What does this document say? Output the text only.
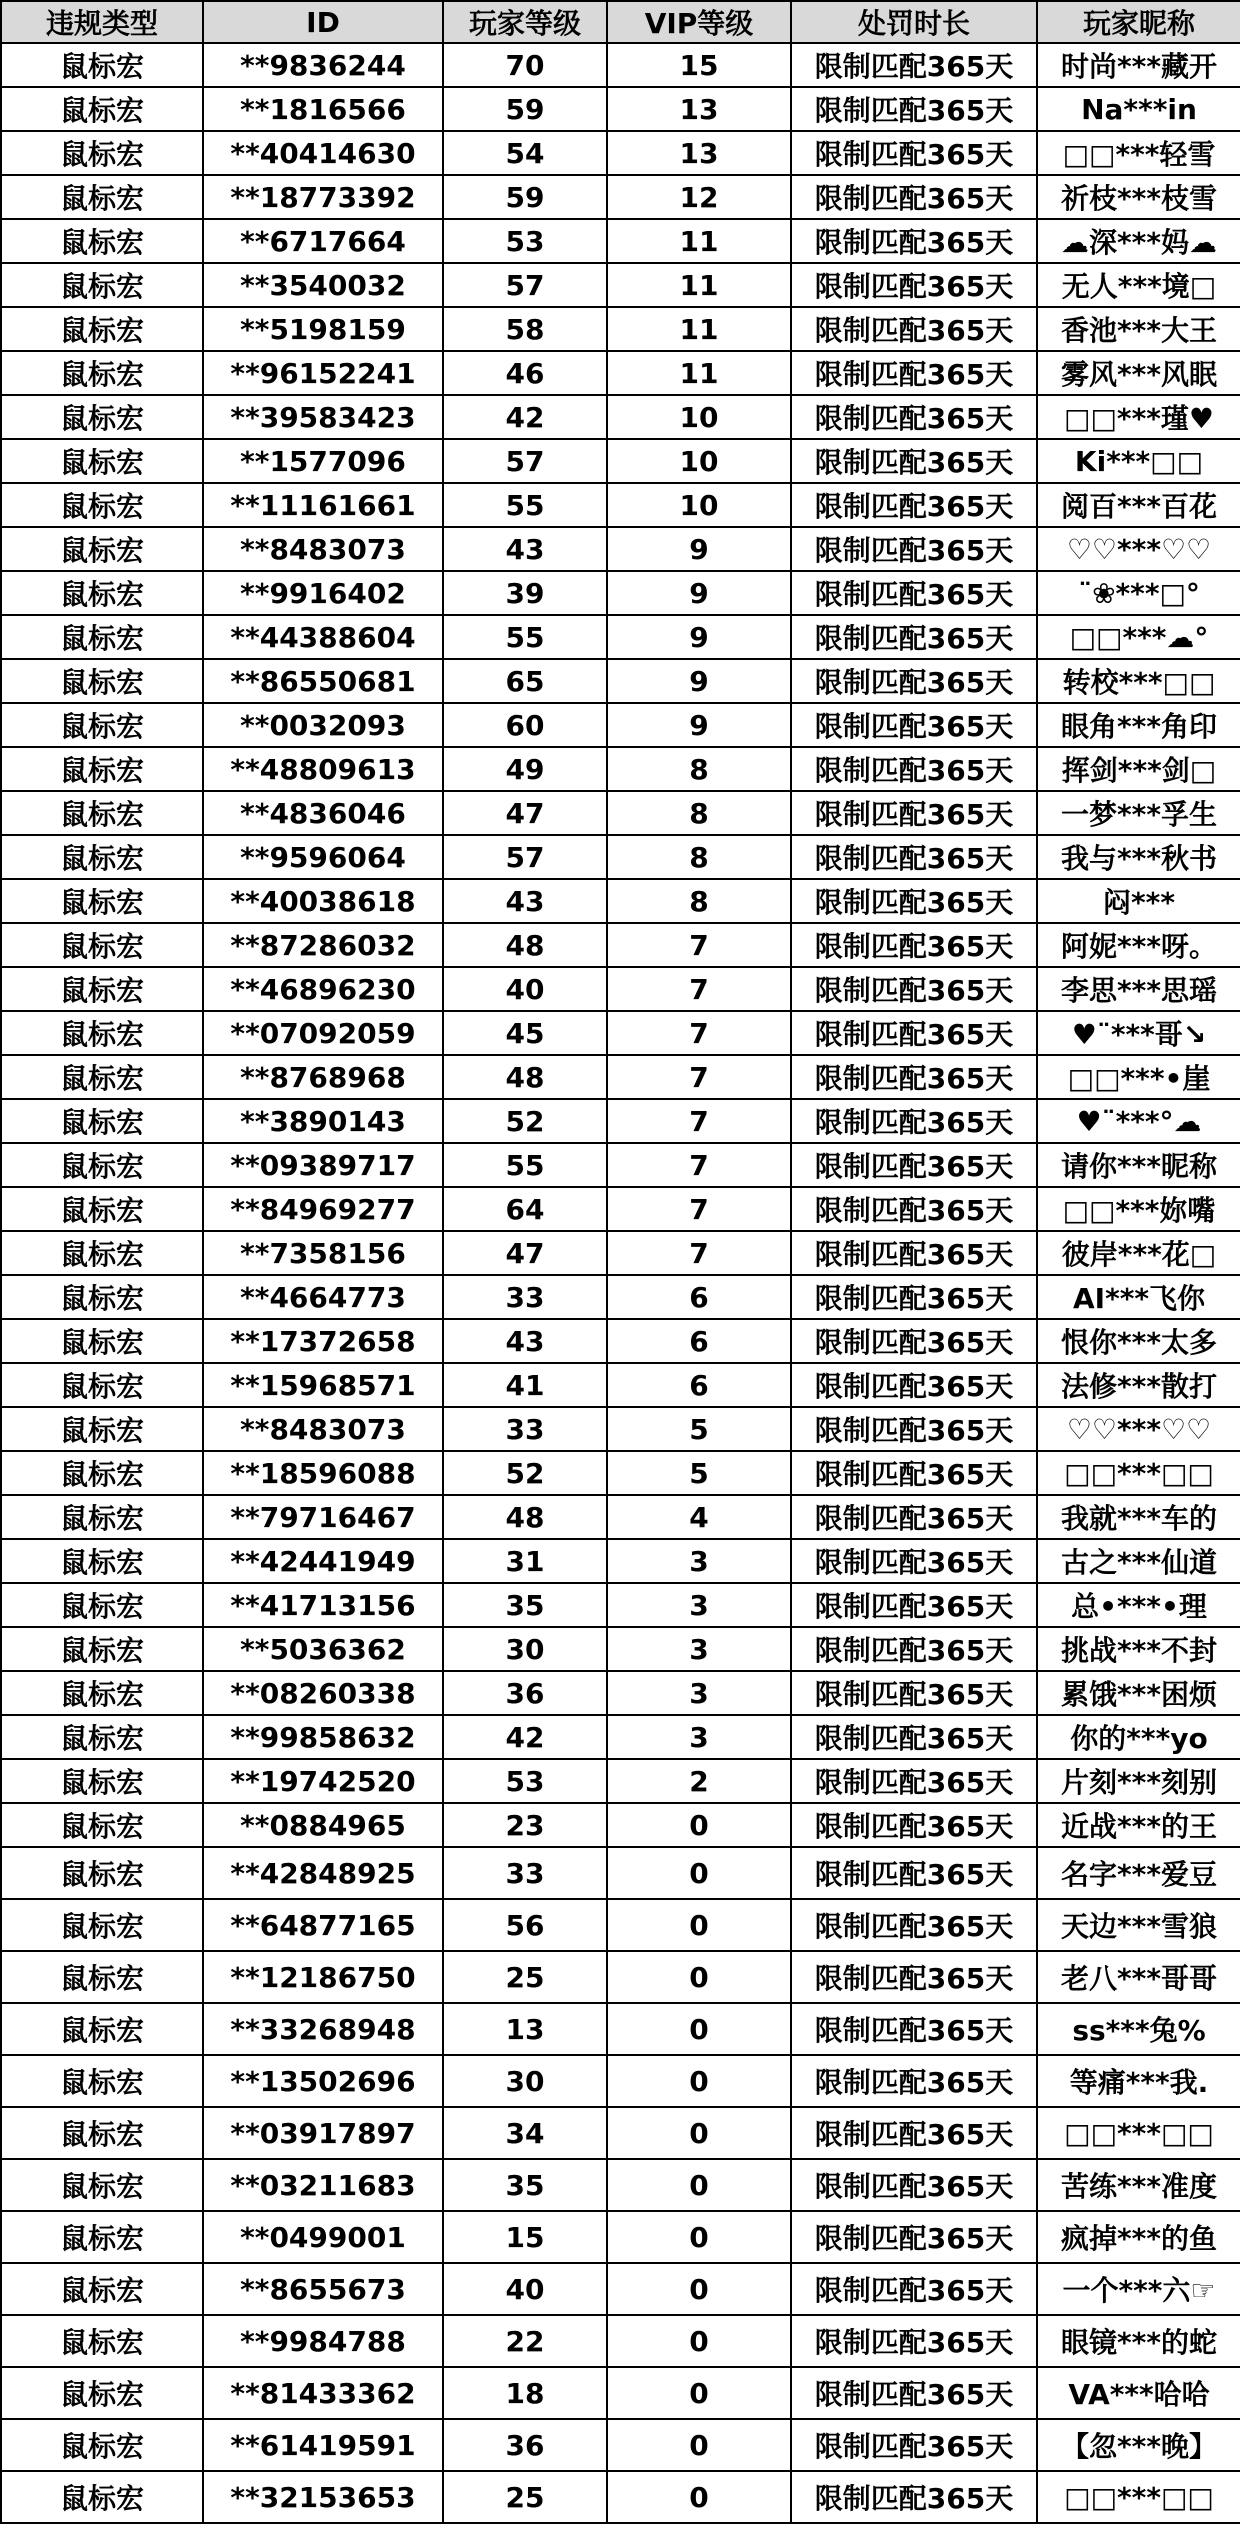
违规类型	ID	玩家等级	VIP等级	处罚时长	玩家昵称
鼠标宏	**9836244	70	15	限制匹配365天	时尚***藏开
鼠标宏	**1816566	59	13	限制匹配365天	Na***in
鼠标宏	**40414630	54	13	限制匹配365天	□□***轻雪
鼠标宏	**18773392	59	12	限制匹配365天	祈枝***枝雪
鼠标宏	**6717664	53	11	限制匹配365天	☁深***妈☁
鼠标宏	**3540032	57	11	限制匹配365天	无人***境□
鼠标宏	**5198159	58	11	限制匹配365天	香池***大王
鼠标宏	**96152241	46	11	限制匹配365天	雾风***风眠
鼠标宏	**39583423	42	10	限制匹配365天	□□***瑾♥
鼠标宏	**1577096	57	10	限制匹配365天	Ki***□□
鼠标宏	**11161661	55	10	限制匹配365天	阅百***百花
鼠标宏	**8483073	43	9	限制匹配365天	♡♡***♡♡
鼠标宏	**9916402	39	9	限制匹配365天	¨❀***□°
鼠标宏	**44388604	55	9	限制匹配365天	□□***☁°
鼠标宏	**86550681	65	9	限制匹配365天	转校***□□
鼠标宏	**0032093	60	9	限制匹配365天	眼角***角印
鼠标宏	**48809613	49	8	限制匹配365天	挥剑***剑□
鼠标宏	**4836046	47	8	限制匹配365天	一梦***孚生
鼠标宏	**9596064	57	8	限制匹配365天	我与***秋书
鼠标宏	**40038618	43	8	限制匹配365天	闷***
鼠标宏	**87286032	48	7	限制匹配365天	阿妮***呀。
鼠标宏	**46896230	40	7	限制匹配365天	李思***思瑶
鼠标宏	**07092059	45	7	限制匹配365天	♥¨***哥↘
鼠标宏	**8768968	48	7	限制匹配365天	□□***•崖
鼠标宏	**3890143	52	7	限制匹配365天	♥¨***°☁
鼠标宏	**09389717	55	7	限制匹配365天	请你***昵称
鼠标宏	**84969277	64	7	限制匹配365天	□□***妳嘴
鼠标宏	**7358156	47	7	限制匹配365天	彼岸***花□
鼠标宏	**4664773	33	6	限制匹配365天	AI***飞你
鼠标宏	**17372658	43	6	限制匹配365天	恨你***太多
鼠标宏	**15968571	41	6	限制匹配365天	法修***散打
鼠标宏	**8483073	33	5	限制匹配365天	♡♡***♡♡
鼠标宏	**18596088	52	5	限制匹配365天	□□***□□
鼠标宏	**79716467	48	4	限制匹配365天	我就***车的
鼠标宏	**42441949	31	3	限制匹配365天	古之***仙道
鼠标宏	**41713156	35	3	限制匹配365天	总•***•理
鼠标宏	**5036362	30	3	限制匹配365天	挑战***不封
鼠标宏	**08260338	36	3	限制匹配365天	累饿***困烦
鼠标宏	**99858632	42	3	限制匹配365天	你的***yo
鼠标宏	**19742520	53	2	限制匹配365天	片刻***刻别
鼠标宏	**0884965	23	0	限制匹配365天	近战***的王
鼠标宏	**42848925	33	0	限制匹配365天	名字***爱豆
鼠标宏	**64877165	56	0	限制匹配365天	天边***雪狼
鼠标宏	**12186750	25	0	限制匹配365天	老八***哥哥
鼠标宏	**33268948	13	0	限制匹配365天	ss***兔%
鼠标宏	**13502696	30	0	限制匹配365天	等痛***我.
鼠标宏	**03917897	34	0	限制匹配365天	□□***□□
鼠标宏	**03211683	35	0	限制匹配365天	苦练***准度
鼠标宏	**0499001	15	0	限制匹配365天	疯掉***的鱼
鼠标宏	**8655673	40	0	限制匹配365天	一个***六☞
鼠标宏	**9984788	22	0	限制匹配365天	眼镜***的蛇
鼠标宏	**81433362	18	0	限制匹配365天	VA***哈哈
鼠标宏	**61419591	36	0	限制匹配365天	【忽***晚】
鼠标宏	**32153653	25	0	限制匹配365天	□□***□□
